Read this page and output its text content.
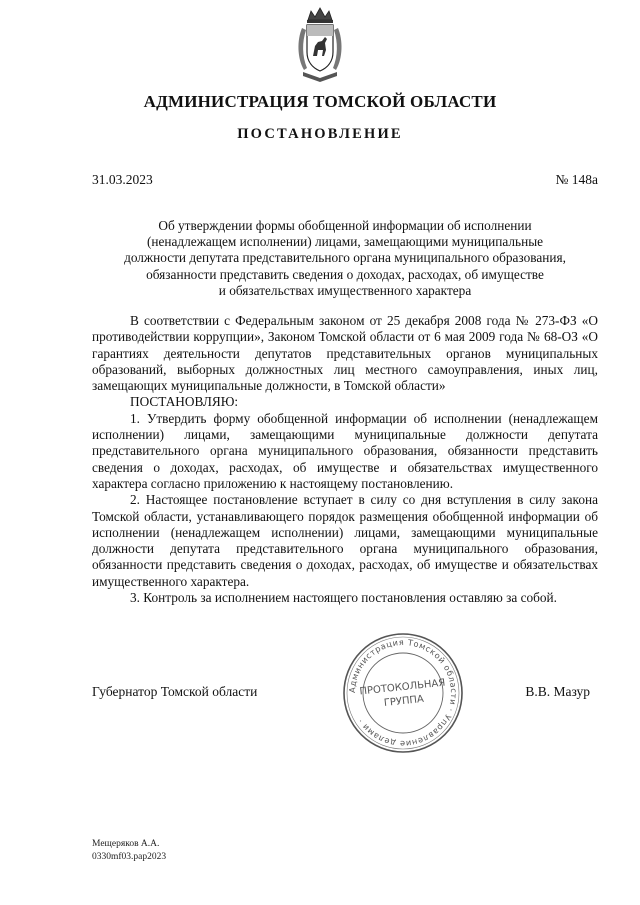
АДМИНИСТРАЦИЯ ТОМСКОЙ ОБЛАСТИ
ПОСТАНОВЛЕНИЕ
31.03.2023	№ 148а
Об утверждении формы обобщенной информации об исполнении
(ненадлежащем исполнении) лицами, замещающими муниципальные
должности депутата представительного органа муниципального образования,
обязанности представить сведения о доходах, расходах, об имуществе
и обязательствах имущественного характера

В соответствии с Федеральным законом от 25 декабря 2008 года № 273-ФЗ «О противодействии коррупции», Законом Томской области от 6 мая 2009 года № 68-ОЗ «О гарантиях деятельности депутатов представительных органов муниципальных образований, выборных должностных лиц местного самоуправления, иных лиц, замещающих муниципальные должности, в Томской области»

ПОСТАНОВЛЯЮ:

1. Утвердить форму обобщенной информации об исполнении (ненадлежащем исполнении) лицами, замещающими муниципальные должности депутата представительного органа муниципального образования, обязанности представить сведения о доходах, расходах, об имуществе и обязательствах имущественного характера согласно приложению к настоящему постановлению.

2. Настоящее постановление вступает в силу со дня вступления в силу закона Томской области, устанавливающего порядок размещения обобщенной информации об исполнении (ненадлежащем исполнении) лицами, замещающими муниципальные должности депутата представительного органа муниципального образования, обязанности представить сведения о доходах, расходах, об имуществе и обязательствах имущественного характера.

3. Контроль за исполнением настоящего постановления оставляю за собой.

Губернатор Томской области	В.В. Мазур
Администрация Томской области · Управление делами ·
ПРОТОКОЛЬНАЯ
ГРУППА
Мещеряков А.А.
0330mf03.pap2023
